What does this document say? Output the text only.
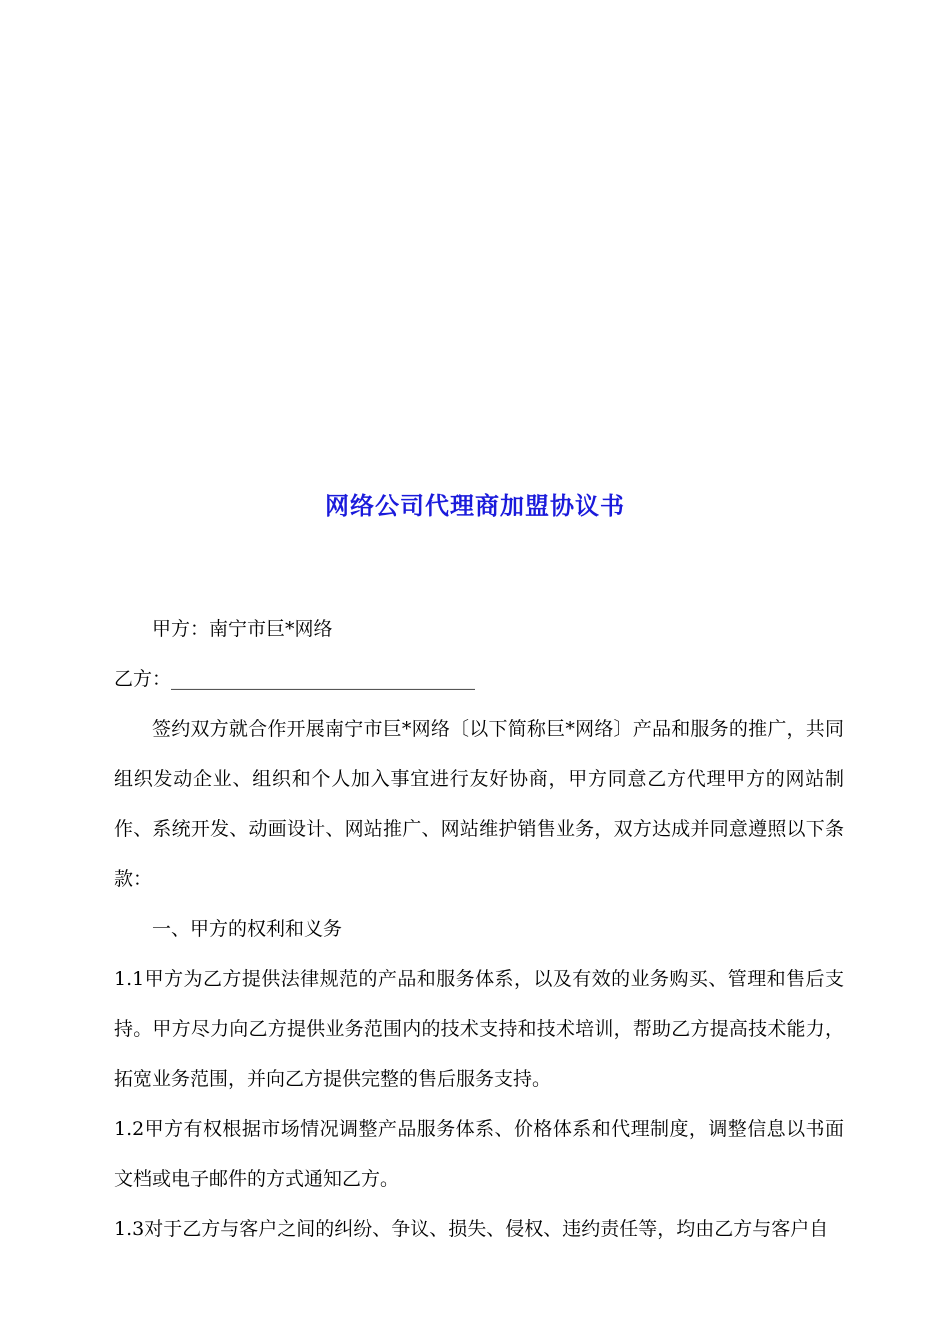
网络公司代理商加盟协议书

甲方：南宁市巨*网络

乙方：________________________________

签约双方就合作开展南宁市巨*网络〔以下简称巨*网络〕产品和服务的推广，共同组织发动企业、组织和个人加入事宜进行友好协商，甲方同意乙方代理甲方的网站制作、系统开发、动画设计、网站推广、网站维护销售业务，双方达成并同意遵照以下条款：

一、甲方的权利和义务

1.1甲方为乙方提供法律规范的产品和服务体系，以及有效的业务购买、管理和售后支持。甲方尽力向乙方提供业务范围内的技术支持和技术培训，帮助乙方提高技术能力，拓宽业务范围，并向乙方提供完整的售后服务支持。

1.2甲方有权根据市场情况调整产品服务体系、价格体系和代理制度，调整信息以书面文档或电子邮件的方式通知乙方。

1.3对于乙方与客户之间的纠纷、争议、损失、侵权、违约责任等，均由乙方与客户自
